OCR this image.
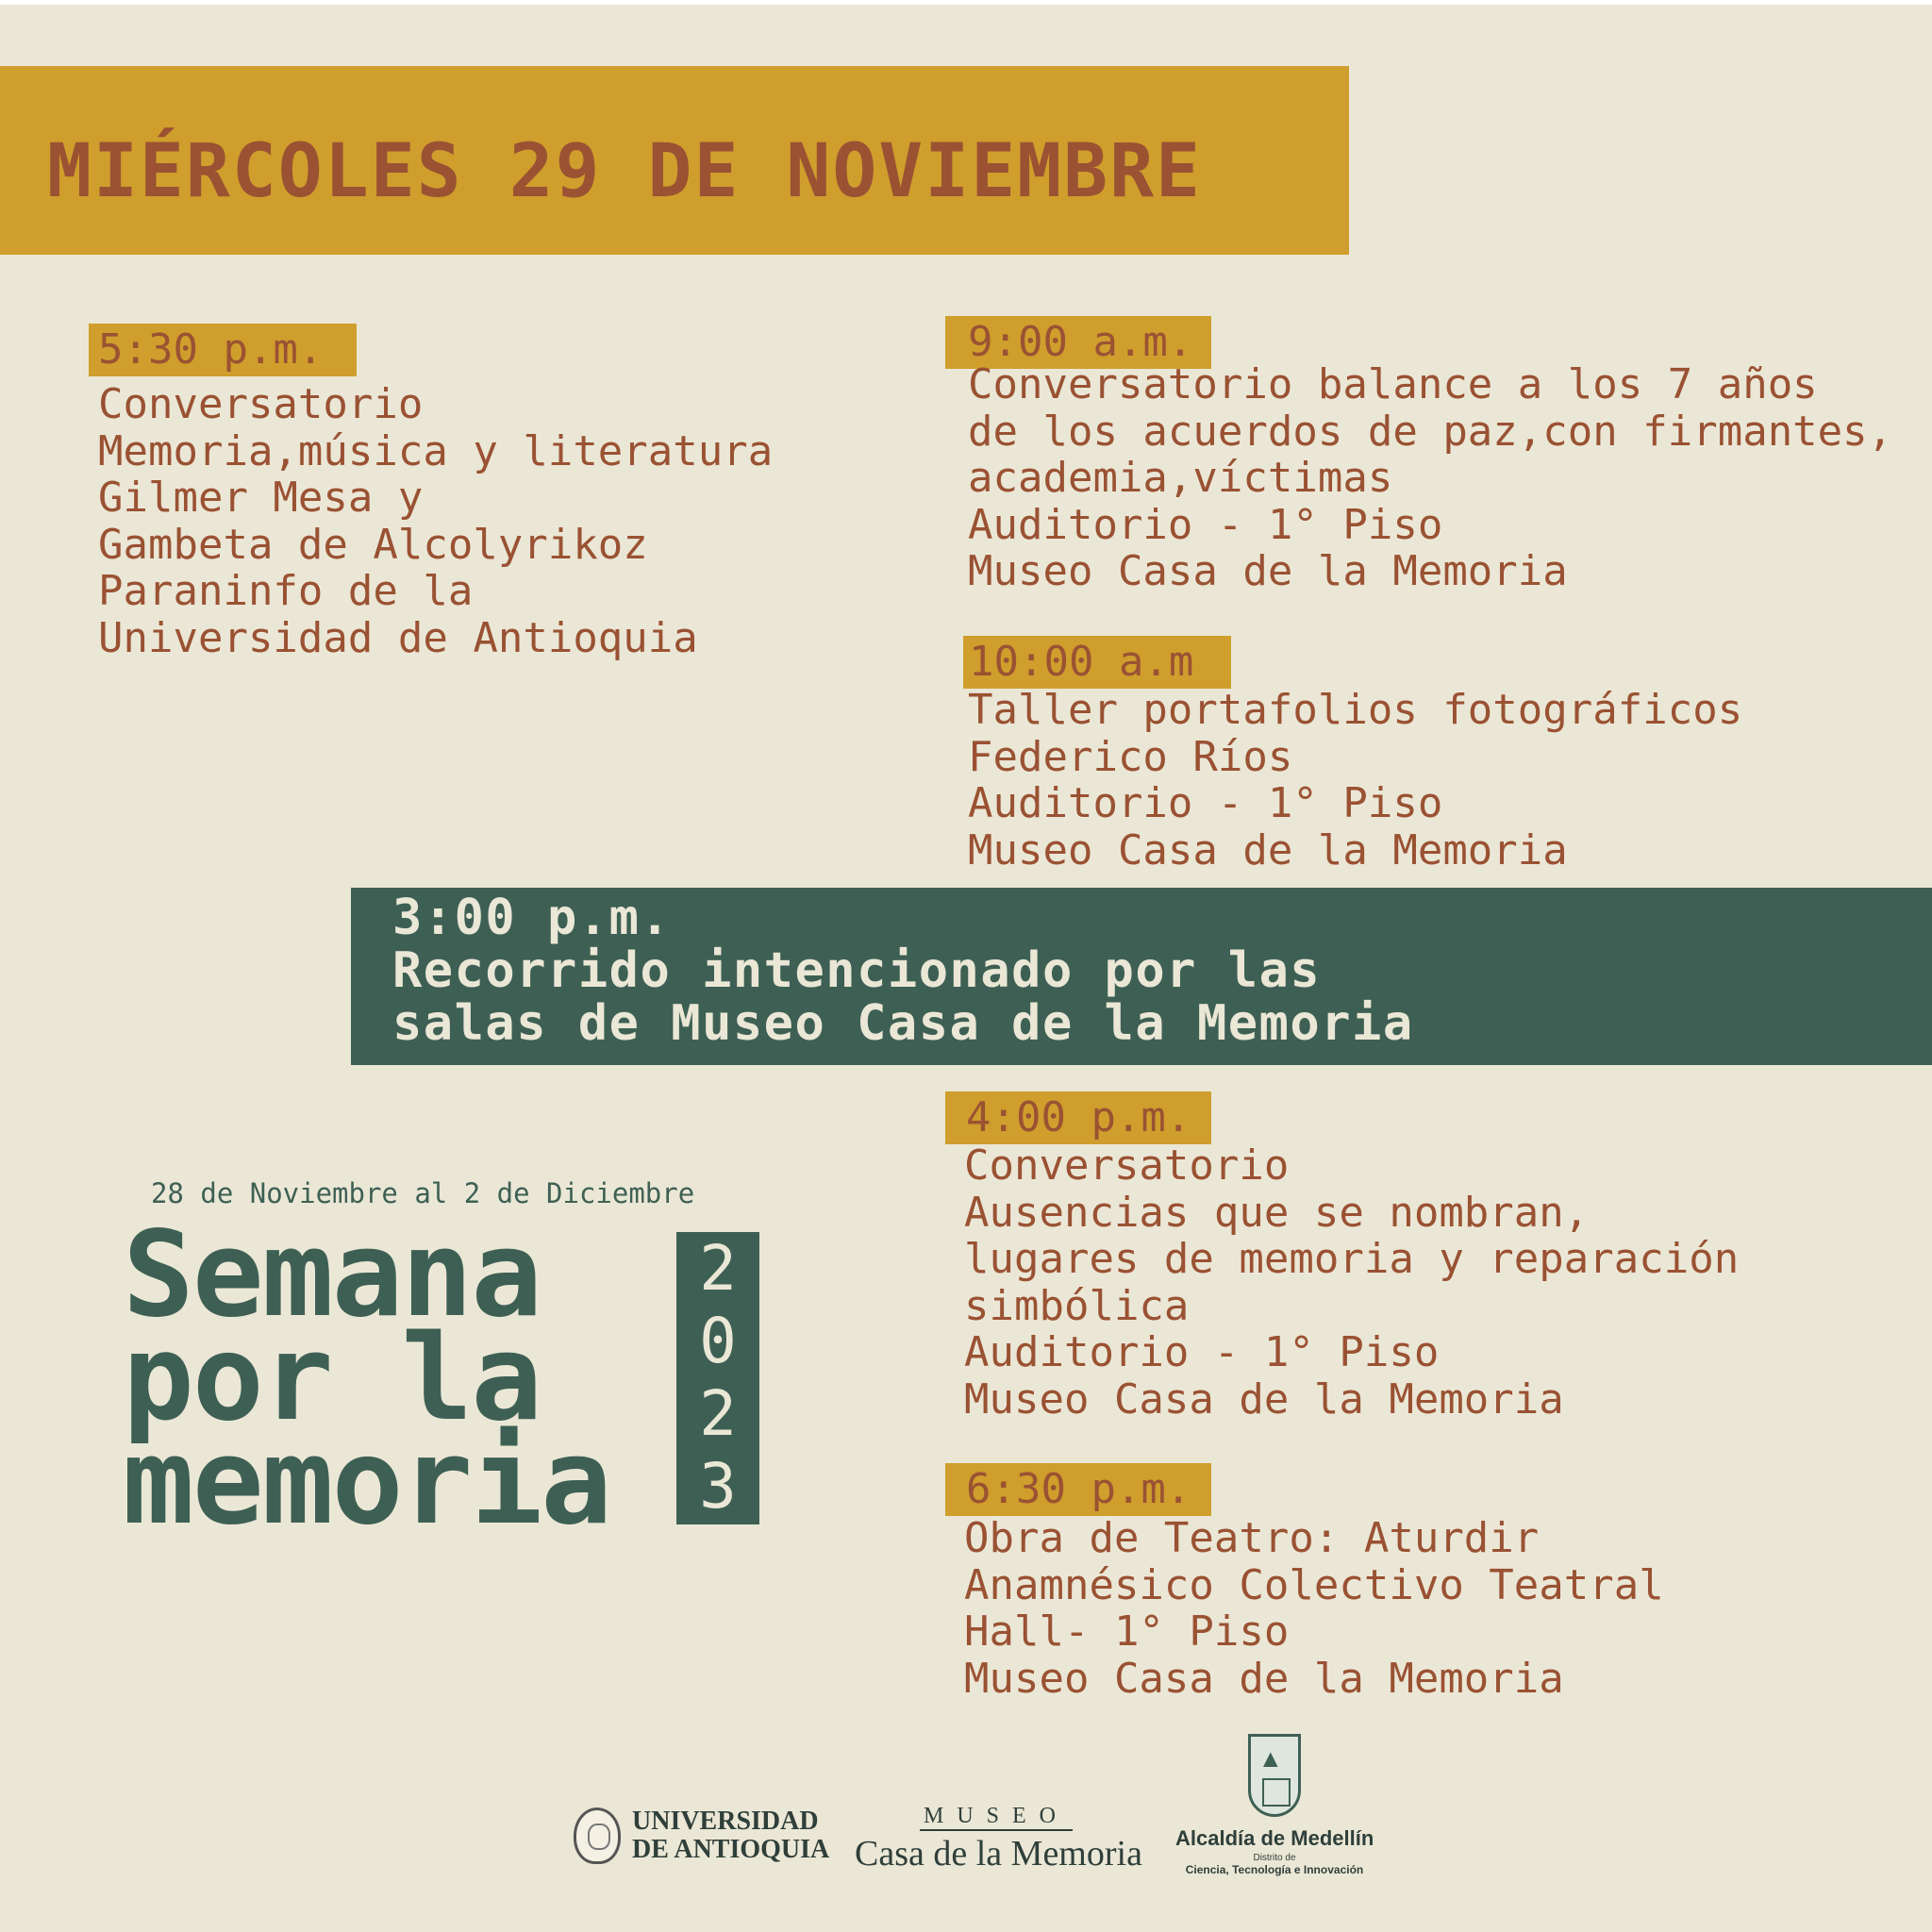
MIÉRCOLES 29 DE NOVIEMBRE
5:30 p.m.
Conversatorio
Memoria,música y literatura
Gilmer Mesa y
Gambeta de Alcolyrikoz
Paraninfo de la
Universidad de Antioquia
9:00 a.m.
Conversatorio balance a los 7 años
de los acuerdos de paz,con firmantes,
academia,víctimas
Auditorio - 1° Piso
Museo Casa de la Memoria
10:00 a.m
Taller portafolios fotográficos
Federico Ríos
Auditorio - 1° Piso
Museo Casa de la Memoria
3:00 p.m.
Recorrido intencionado por las
salas de Museo Casa de la Memoria
4:00 p.m.
Conversatorio
Ausencias que se nombran,
lugares de memoria y reparación
simbólica
Auditorio - 1° Piso
Museo Casa de la Memoria
6:30 p.m.
Obra de Teatro: Aturdir
Anamnésico Colectivo Teatral
Hall- 1° Piso
Museo Casa de la Memoria
28 de Noviembre al 2 de Diciembre
Semana
por la
memoria
2
0
2
3
UNIVERSIDAD
DE ANTIOQUIA
MUSEO
Casa de la Memoria
▲ Alcaldía de Medellín
Distrito de
Ciencia, Tecnología e Innovación
